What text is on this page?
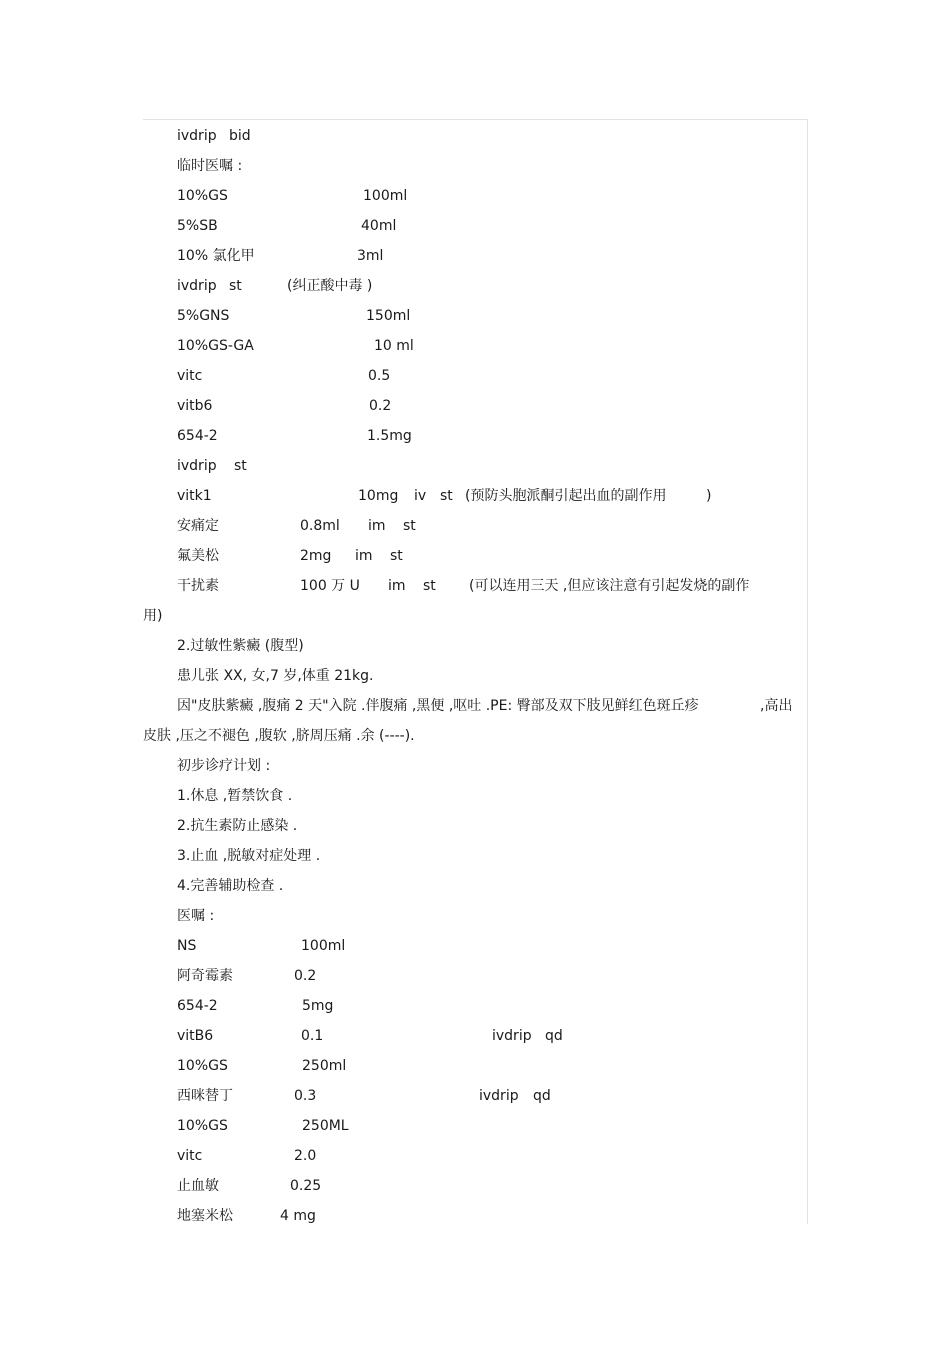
ivdrip bid
临时医嘱 :
10%GS	100ml
5%SB	40ml
10% 氯化甲	3ml
ivdrip st	(纠正酸中毒 )
5%GNS	150ml
10%GS-GA	10 ml
vitc	0.5
vitb6	0.2
654-2	1.5mg
ivdrip st
vitk1	10mg iv st (预防头胞派酮引起出血的副作用	)
安痛定	0.8ml im st
氟美松	2mg im st
干扰素	100 万 U im st (可以连用三天 ,但应该注意有引起发烧的副作
用)
2.过敏性紫癜 (腹型)
患儿张 XX, 女,7 岁,体重 21kg.
因"皮肤紫癜 ,腹痛 2 天"入院 .伴腹痛 ,黑便 ,呕吐 .PE: 臀部及双下肢见鲜红色斑丘疹	,高出
皮肤 ,压之不褪色 ,腹软 ,脐周压痛 .余 (----).
初步诊疗计划 :
1.休息 ,暂禁饮食 .
2.抗生素防止感染 .
3.止血 ,脱敏对症处理 .
4.完善辅助检查 .
医嘱 :
NS	100ml
阿奇霉素	0.2
654-2	5mg
vitB6	0.1	ivdrip qd
10%GS	250ml
西咪替丁	0.3	ivdrip qd
10%GS	250ML
vitc	2.0
止血敏	0.25
地塞米松	4 mg
